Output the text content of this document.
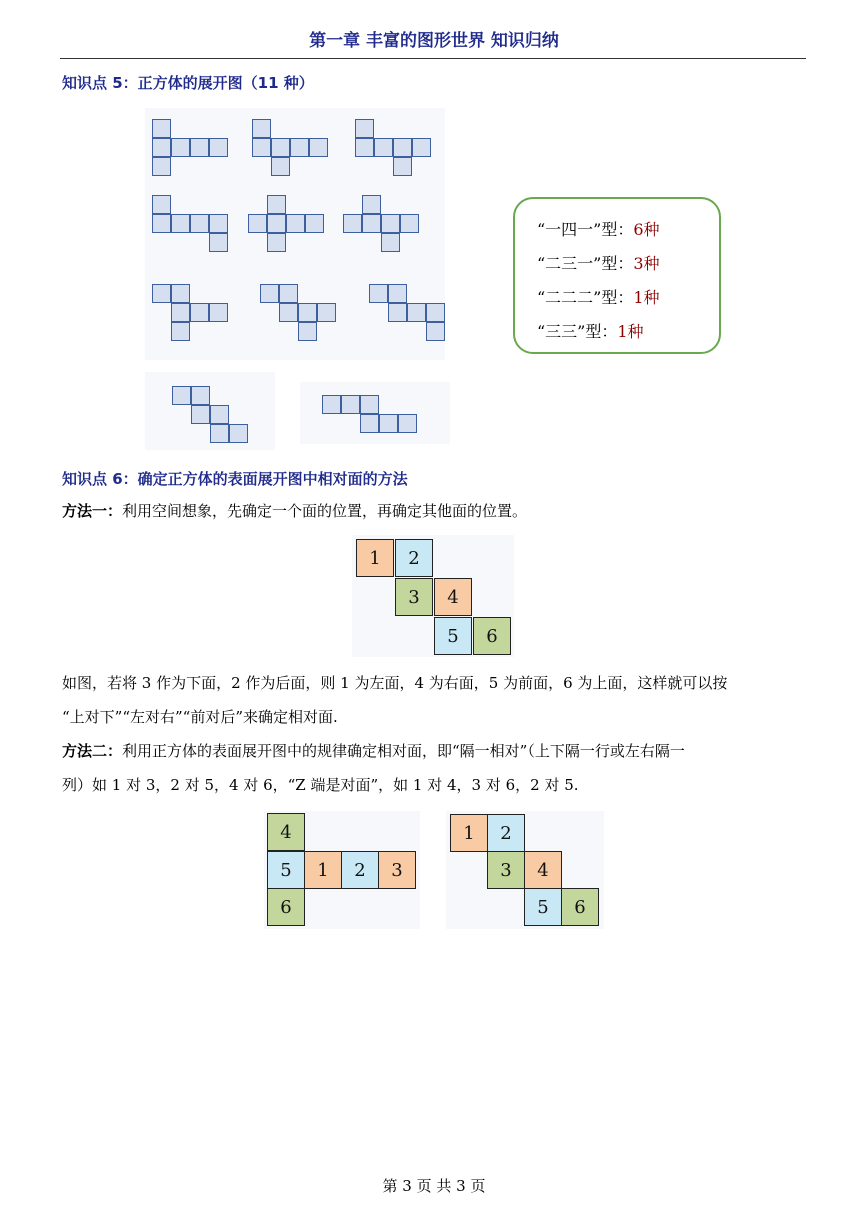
第一章 丰富的图形世界 知识归纳
知识点 5：正方体的展开图（11 种）
“一四一”型：6种
“二三一”型：3种
“二二二”型：1种
“三三”型：1种
知识点 6：确定正方体的表面展开图中相对面的方法
方法一：利用空间想象，先确定一个面的位置，再确定其他面的位置。
1	2
3	4
5	6
如图，若将 3 作为下面，2 作为后面，则 1 为左面，4 为右面，5 为前面，6 为上面，这样就可以按
“上对下”“左对右”“前对后”来确定相对面.
方法二：利用正方体的表面展开图中的规律确定相对面，即“隔一相对”（上下隔一行或左右隔一
列）如 1 对 3，2 对 5，4 对 6，“Z 端是对面”，如 1 对 4，3 对 6，2 对 5.
4
5	1	2	3
6
1	2
3	4
5	6
第 3 页 共 3 页
